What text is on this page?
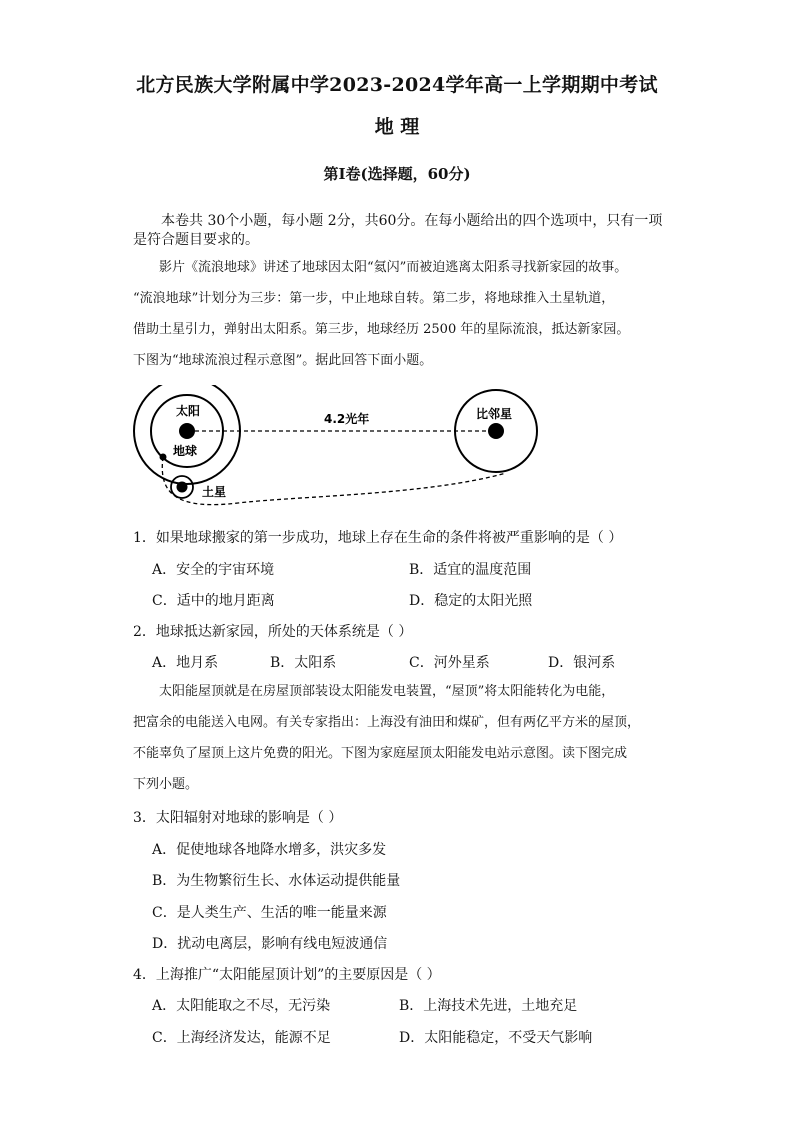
北方民族大学附属中学2023-2024学年高一上学期期中考试
地 理
第Ⅰ卷(选择题，60分)
本卷共 30个小题，每小题 2分，共60分。在每小题给出的四个选项中，只有一项
是符合题目要求的。
影片《流浪地球》讲述了地球因太阳“氦闪”而被迫逃离太阳系寻找新家园的故事。
“流浪地球”计划分为三步：第一步，中止地球自转。第二步，将地球推入土星轨道，
借助土星引力，弹射出太阳系。第三步，地球经历 2500 年的星际流浪，抵达新家园。
下图为“地球流浪过程示意图”。据此回答下面小题。
太阳
地球
土星
比邻星
4.2光年
1．如果地球搬家的第一步成功，地球上存在生命的条件将被严重影响的是（ ）
A．安全的宇宙环境	B．适宜的温度范围
C．适中的地月距离	D．稳定的太阳光照
2．地球抵达新家园，所处的天体系统是（ ）
A．地月系	B．太阳系	C．河外星系	D．银河系
太阳能屋顶就是在房屋顶部装设太阳能发电装置，“屋顶”将太阳能转化为电能，
把富余的电能送入电网。有关专家指出：上海没有油田和煤矿，但有两亿平方米的屋顶，
不能辜负了屋顶上这片免费的阳光。下图为家庭屋顶太阳能发电站示意图。读下图完成
下列小题。
3．太阳辐射对地球的影响是（ ）
A．促使地球各地降水增多，洪灾多发
B．为生物繁衍生长、水体运动提供能量
C．是人类生产、生活的唯一能量来源
D．扰动电离层，影响有线电短波通信
4．上海推广“太阳能屋顶计划”的主要原因是（ ）
A．太阳能取之不尽，无污染	B．上海技术先进，土地充足
C．上海经济发达，能源不足	D．太阳能稳定，不受天气影响
